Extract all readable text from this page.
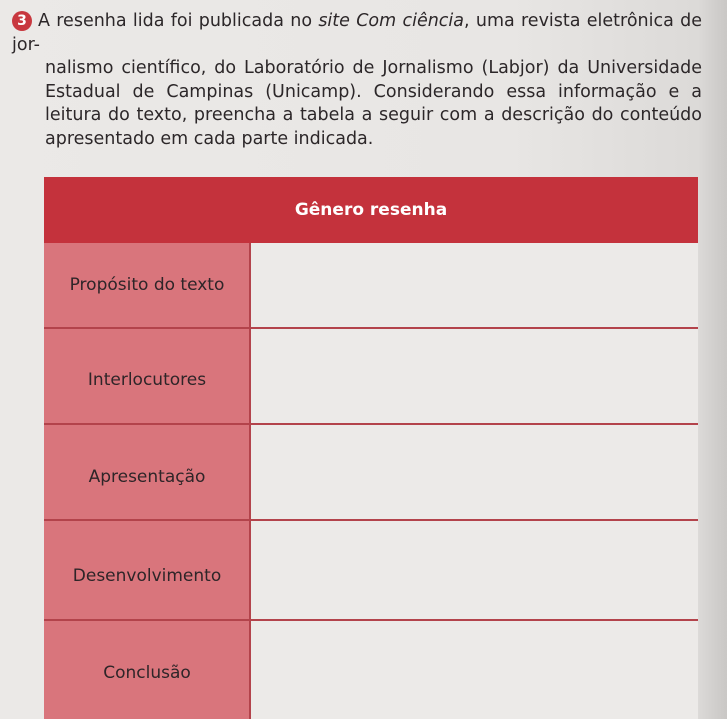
3 A resenha lida foi publicada no site Com ciência, uma revista eletrônica de jor-
nalismo científico, do Laboratório de Jornalismo (Labjor) da Universidade Estadual de Campinas (Unicamp). Considerando essa informação e a leitura do texto, preencha a tabela a seguir com a descrição do conteúdo apresentado em cada parte indicada.
Gênero resenha
Propósito do texto
Interlocutores
Apresentação
Desenvolvimento
Conclusão
